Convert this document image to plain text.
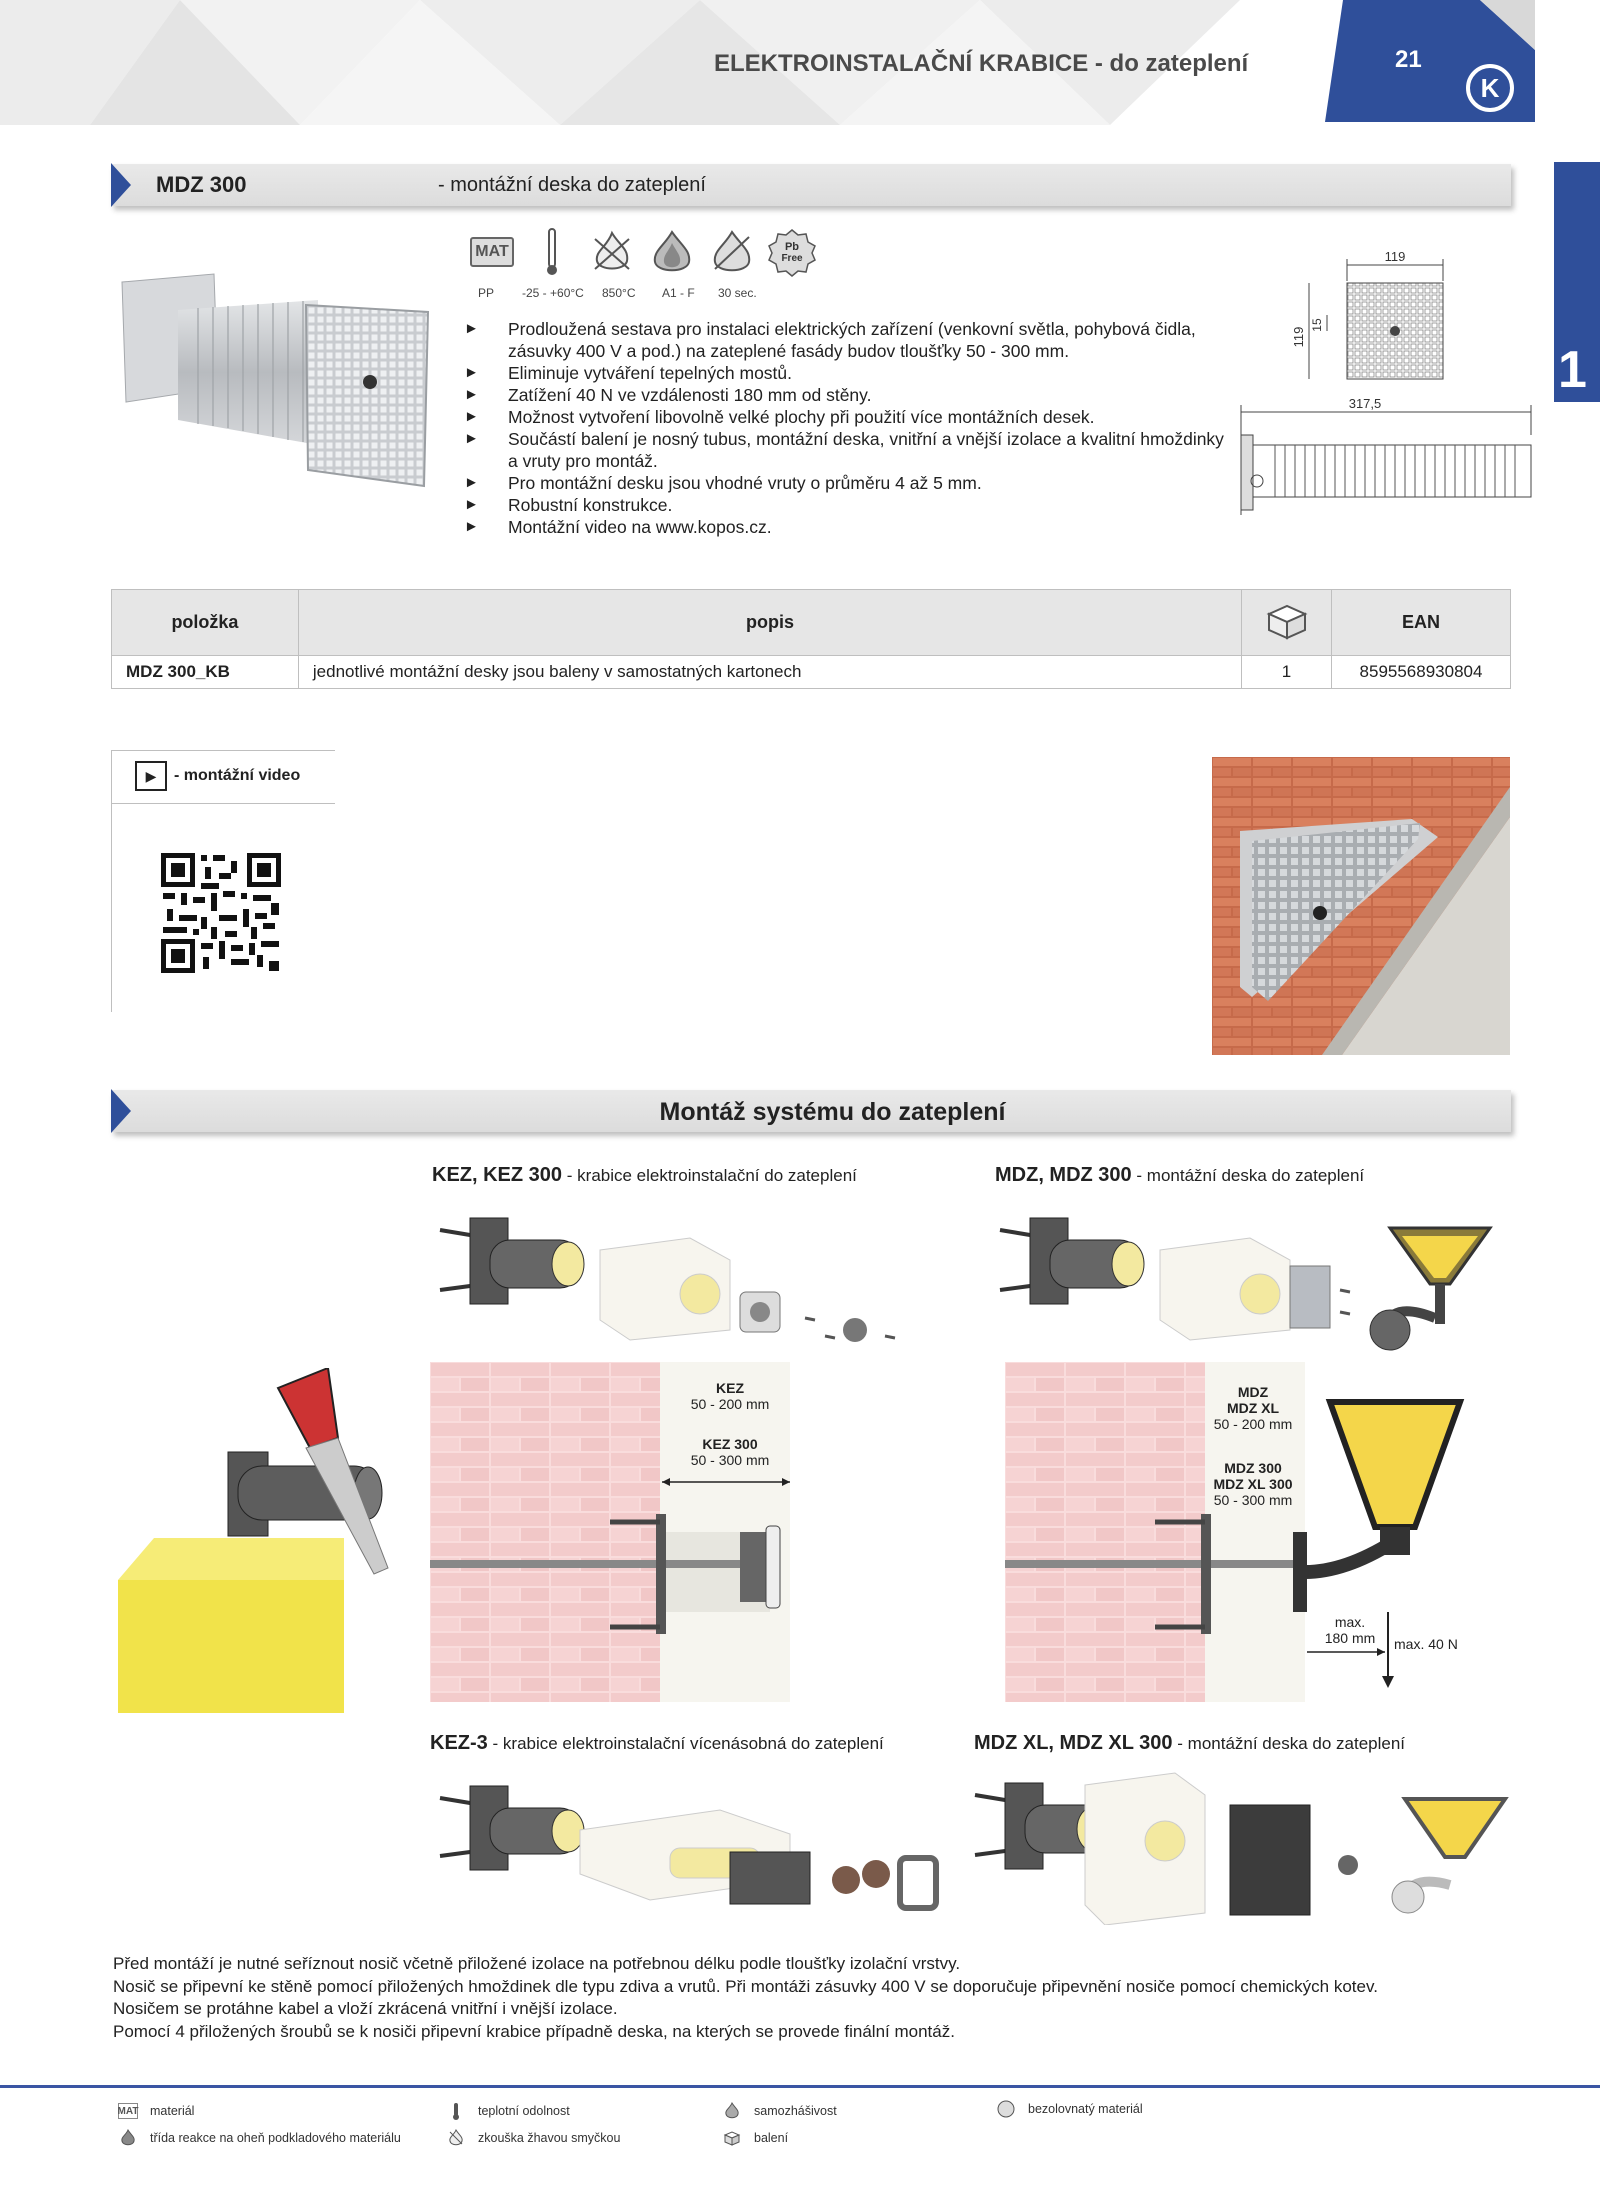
ELEKTROINSTALAČNÍ KRABICE - do zateplení
K
21
1
MDZ 300	- montážní deska do zateplení
MAT	Pb
Free
PP -25 - +60°C 850°C A1 - F 30 sec.
► Prodloužená sestava pro instalaci elektrických zařízení (venkovní světla, pohybová čidla, zásuvky 400 V a pod.) na zateplené fasády budov tloušťky 50 - 300 mm.
► Eliminuje vytváření tepelných mostů.
► Zatížení 40 N ve vzdálenosti 180 mm od stěny.
► Možnost vytvoření libovolně velké plochy při použití více montážních desek.
► Součástí balení je nosný tubus, montážní deska, vnitřní a vnější izolace a kvalitní hmoždinky a vruty pro montáž.
► Pro montážní desku jsou vhodné vruty o průměru 4 až 5 mm.
► Robustní konstrukce.
► Montážní video na www.kopos.cz.
119
119
15
317,5
položka	popis		EAN
MDZ 300_KB	jednotlivé montážní desky jsou baleny v samostatných kartonech	1	8595568930804
▶	- montážní video
Montáž systému do zateplení
KEZ, KEZ 300 - krabice elektroinstalační do zateplení	MDZ, MDZ 300 - montážní deska do zateplení
KEZ
50 - 200 mm
KEZ 300
50 - 300 mm
MDZ
MDZ XL
50 - 200 mm
MDZ 300
MDZ XL 300
50 - 300 mm
max.
180 mm	max. 40 N
KEZ-3 - krabice elektroinstalační vícenásobná do zateplení	MDZ XL, MDZ XL 300 - montážní deska do zateplení
Před montáží je nutné seříznout nosič včetně přiložené izolace na potřebnou délku podle tloušťky izolační vrstvy.
Nosič se připevní ke stěně pomocí přiložených hmoždinek dle typu zdiva a vrutů. Při montáži zásuvky 400 V se doporučuje připevnění nosiče pomocí chemických kotev.
Nosičem se protáhne kabel a vloží zkrácená vnitřní i vnější izolace.
Pomocí 4 přiložených šroubů se k nosiči připevní krabice případně deska, na kterých se provede finální montáž.
MAT materiál	teplotní odolnost	samozhášivost	bezolovnatý materiál
třída reakce na oheň podkladového materiálu	zkouška žhavou smyčkou	balení
